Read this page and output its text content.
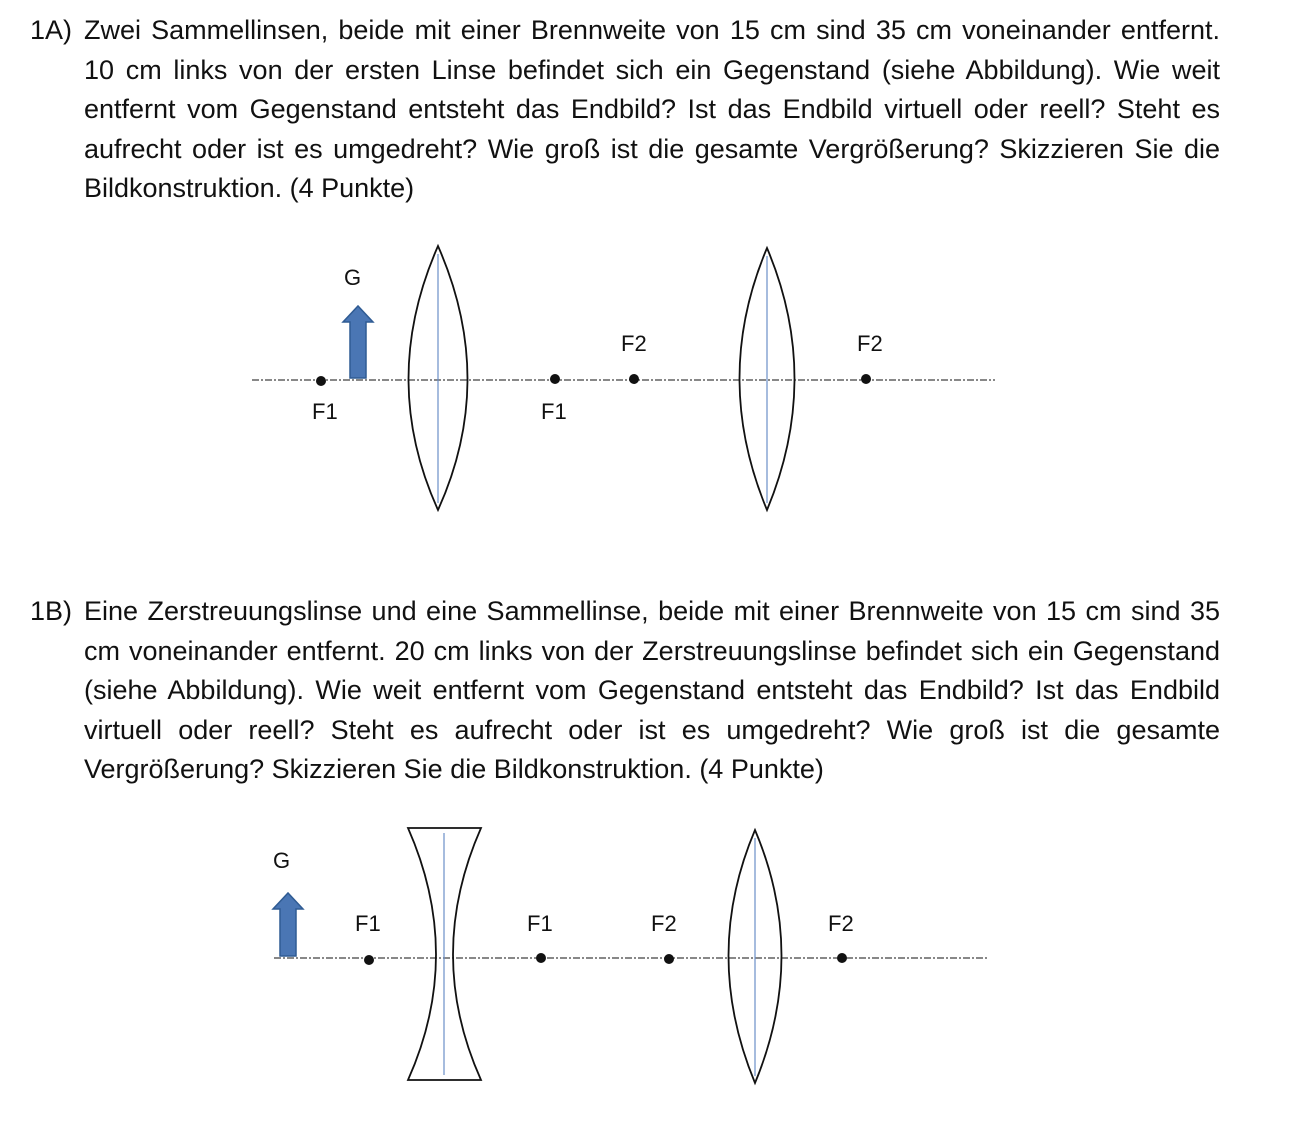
1A) Zwei Sammellinsen, beide mit einer Brennweite von 15 cm sind 35 cm voneinander entfernt. 10 cm links von der ersten Linse befindet sich ein Gegenstand (siehe Abbildung). Wie weit entfernt vom Gegenstand entsteht das Endbild? Ist das Endbild virtuell oder reell? Steht es aufrecht oder ist es umgedreht? Wie groß ist die gesamte Vergrößerung? Skizzieren Sie die Bildkonstruktion. (4 Punkte)
G
F1	F1
F2	F2
1B) Eine Zerstreuungslinse und eine Sammellinse, beide mit einer Brennweite von 15 cm sind 35 cm voneinander entfernt. 20 cm links von der Zerstreuungslinse befindet sich ein Gegenstand (siehe Abbildung). Wie weit entfernt vom Gegenstand entsteht das Endbild? Ist das Endbild virtuell oder reell? Steht es aufrecht oder ist es umgedreht? Wie groß ist die gesamte Vergrößerung? Skizzieren Sie die Bildkonstruktion. (4 Punkte)
G
F1	F1	F2	F2
